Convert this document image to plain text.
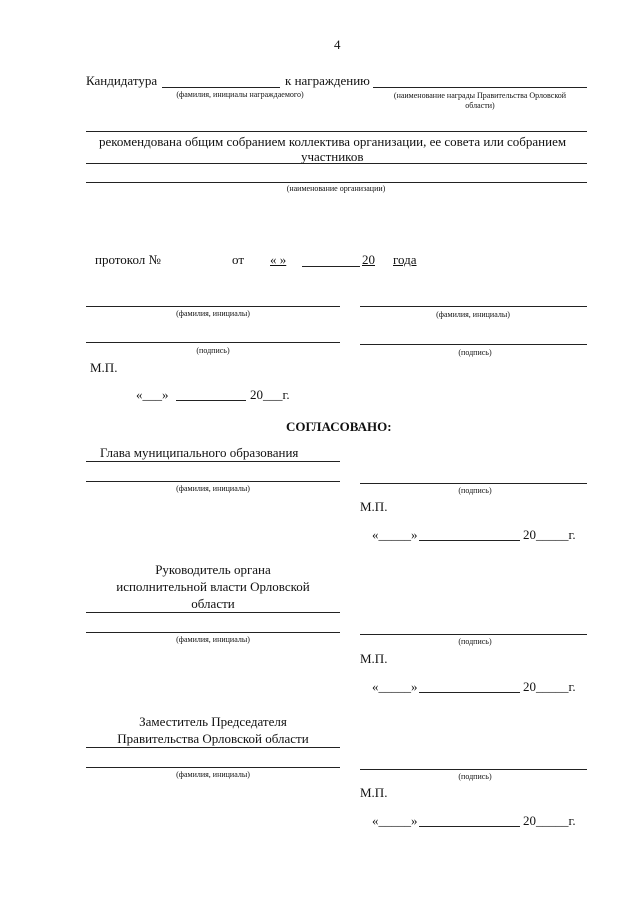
4
Кандидатура	к награждению
(фамилия, инициалы награждаемого)	(наименование награды Правительства Орловской
области)
рекомендована общим собранием коллектива организации, ее совета или собранием
участников
(наименование организации)
протокол №	от « »	20 года
(фамилия, инициалы)	(фамилия, инициалы)
(подпись)	(подпись)
М.П.
«___»	20___г.
СОГЛАСОВАНО:
Глава муниципального образования
(фамилия, инициалы)	(подпись)
М.П.
«_____»	20_____г.
Руководитель органа
исполнительной власти Орловской
области
(фамилия, инициалы)	(подпись)
М.П.
«_____»	20_____г.
Заместитель Председателя
Правительства Орловской области
(фамилия, инициалы)	(подпись)
М.П.
«_____»	20_____г.
